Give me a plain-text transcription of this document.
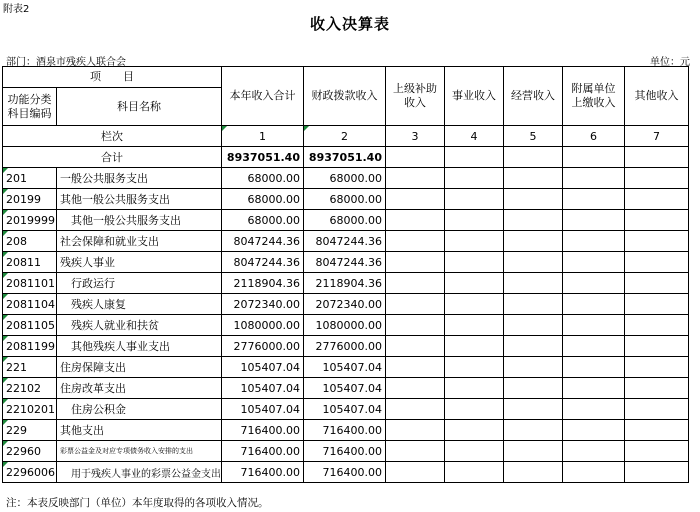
附表2
收入决算表
部门：酒泉市残疾人联合会	单位：元
项　　目		本年收入合计	财政拨款收入	上级补助 收入	事业收入	经营收入	附属单位 上缴收入	其他收入
功能分类 科目编码	科目名称							

栏次		1	2	3	4	5	6	7
合计		8937051.40	8937051.40					
201	一般公共服务支出	68000.00	68000.00					
20199	其他一般公共服务支出	68000.00	68000.00					
2019999	其他一般公共服务支出	68000.00	68000.00					
208	社会保障和就业支出	8047244.36	8047244.36					
20811	残疾人事业	8047244.36	8047244.36					
2081101	行政运行	2118904.36	2118904.36					
2081104	残疾人康复	2072340.00	2072340.00					
2081105	残疾人就业和扶贫	1080000.00	1080000.00					
2081199	其他残疾人事业支出	2776000.00	2776000.00					
221	住房保障支出	105407.04	105407.04					
22102	住房改革支出	105407.04	105407.04					
2210201	住房公积金	105407.04	105407.04					
229	其他支出	716400.00	716400.00					
22960	彩票公益金及对应专项债务收入安排的支出	716400.00	716400.00					
2296006	用于残疾人事业的彩票公益金支出	716400.00	716400.00					
注：本表反映部门（单位）本年度取得的各项收入情况。
